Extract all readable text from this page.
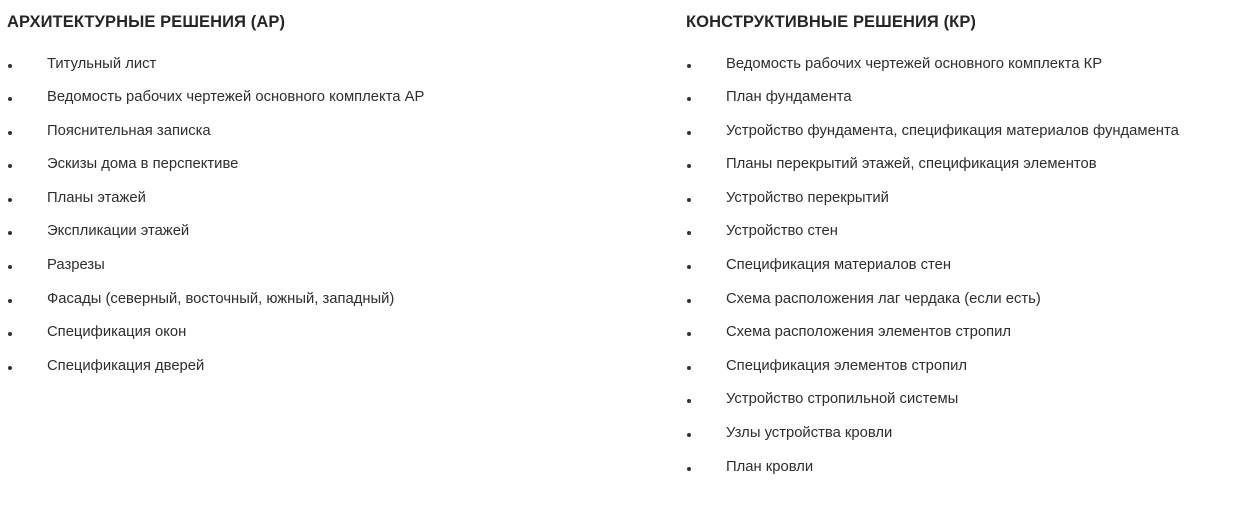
АРХИТЕКТУРНЫЕ РЕШЕНИЯ (АР)
Титульный лист
Ведомость рабочих чертежей основного комплекта АР
Пояснительная записка
Эскизы дома в перспективе
Планы этажей
Экспликации этажей
Разрезы
Фасады (северный, восточный, южный, западный)
Спецификация окон
Спецификация дверей
КОНСТРУКТИВНЫЕ РЕШЕНИЯ (КР)
Ведомость рабочих чертежей основного комплекта КР
План фундамента
Устройство фундамента, спецификация материалов фундамента
Планы перекрытий этажей, спецификация элементов
Устройство перекрытий
Устройство стен
Спецификация материалов стен
Схема расположения лаг чердака (если есть)
Схема расположения элементов стропил
Спецификация элементов стропил
Устройство стропильной системы
Узлы устройства кровли
План кровли
